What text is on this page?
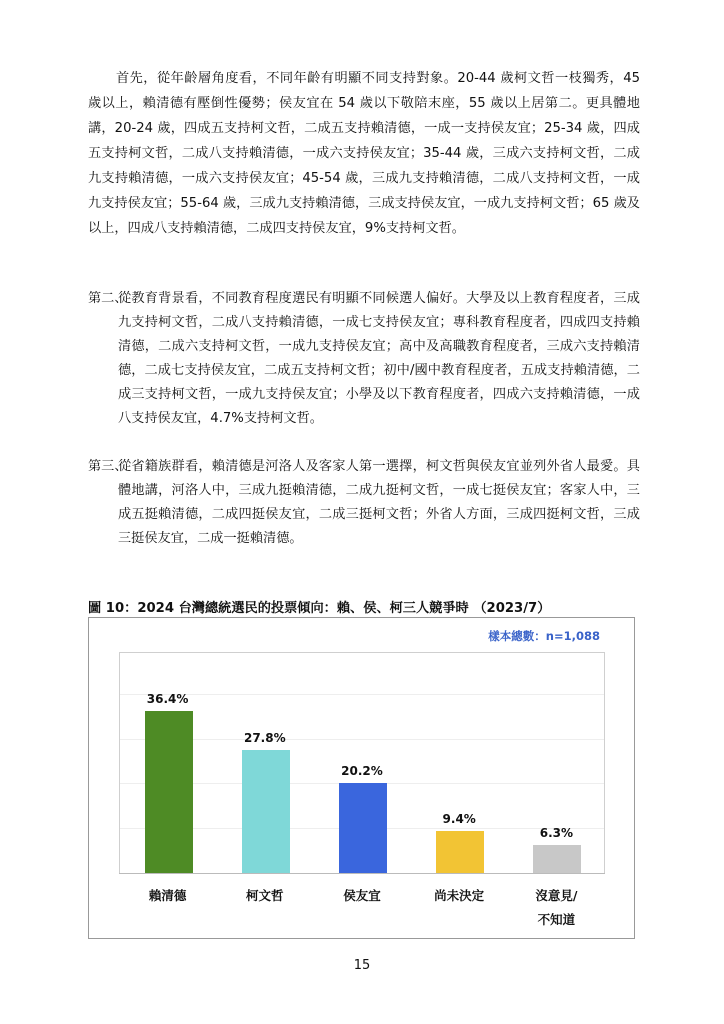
首先，從年齡層角度看，不同年齡有明顯不同支持對象。20-44 歲柯文哲一枝獨秀，45 歲以上，賴清德有壓倒性優勢；侯友宜在 54 歲以下敬陪末座，55 歲以上居第二。更具體地講，20-24 歲，四成五支持柯文哲，二成五支持賴清德，一成一支持侯友宜；25-34 歲，四成五支持柯文哲，二成八支持賴清德，一成六支持侯友宜；35-44 歲，三成六支持柯文哲，二成九支持賴清德，一成六支持侯友宜；45-54 歲，三成九支持賴清德，二成八支持柯文哲，一成九支持侯友宜；55-64 歲，三成九支持賴清德，三成支持侯友宜，一成九支持柯文哲；65 歲及以上，四成八支持賴清德，二成四支持侯友宜，9%支持柯文哲。

第二、
從教育背景看，不同教育程度選民有明顯不同候選人偏好。大學及以上教育程度者，三成九支持柯文哲，二成八支持賴清德，一成七支持侯友宜；專科教育程度者，四成四支持賴清德，二成六支持柯文哲，一成九支持侯友宜；高中及高職教育程度者，三成六支持賴清德，二成七支持侯友宜，二成五支持柯文哲；初中/國中教育程度者，五成支持賴清德，二成三支持柯文哲，一成九支持侯友宜；小學及以下教育程度者，四成六支持賴清德，一成八支持侯友宜，4.7%支持柯文哲。
第三、
從省籍族群看，賴清德是河洛人及客家人第一選擇，柯文哲與侯友宜並列外省人最愛。具體地講，河洛人中，三成九挺賴清德，二成九挺柯文哲，一成七挺侯友宜；客家人中，三成五挺賴清德，二成四挺侯友宜，二成三挺柯文哲；外省人方面，三成四挺柯文哲，三成三挺侯友宜，二成一挺賴清德。
圖 10：2024 台灣總統選民的投票傾向：賴、侯、柯三人競爭時 （2023/7）
樣本總數：n=1,088
36.4%
賴清德
27.8%
柯文哲
20.2%
侯友宜
9.4%
尚未決定
6.3%
沒意見/
不知道
15
